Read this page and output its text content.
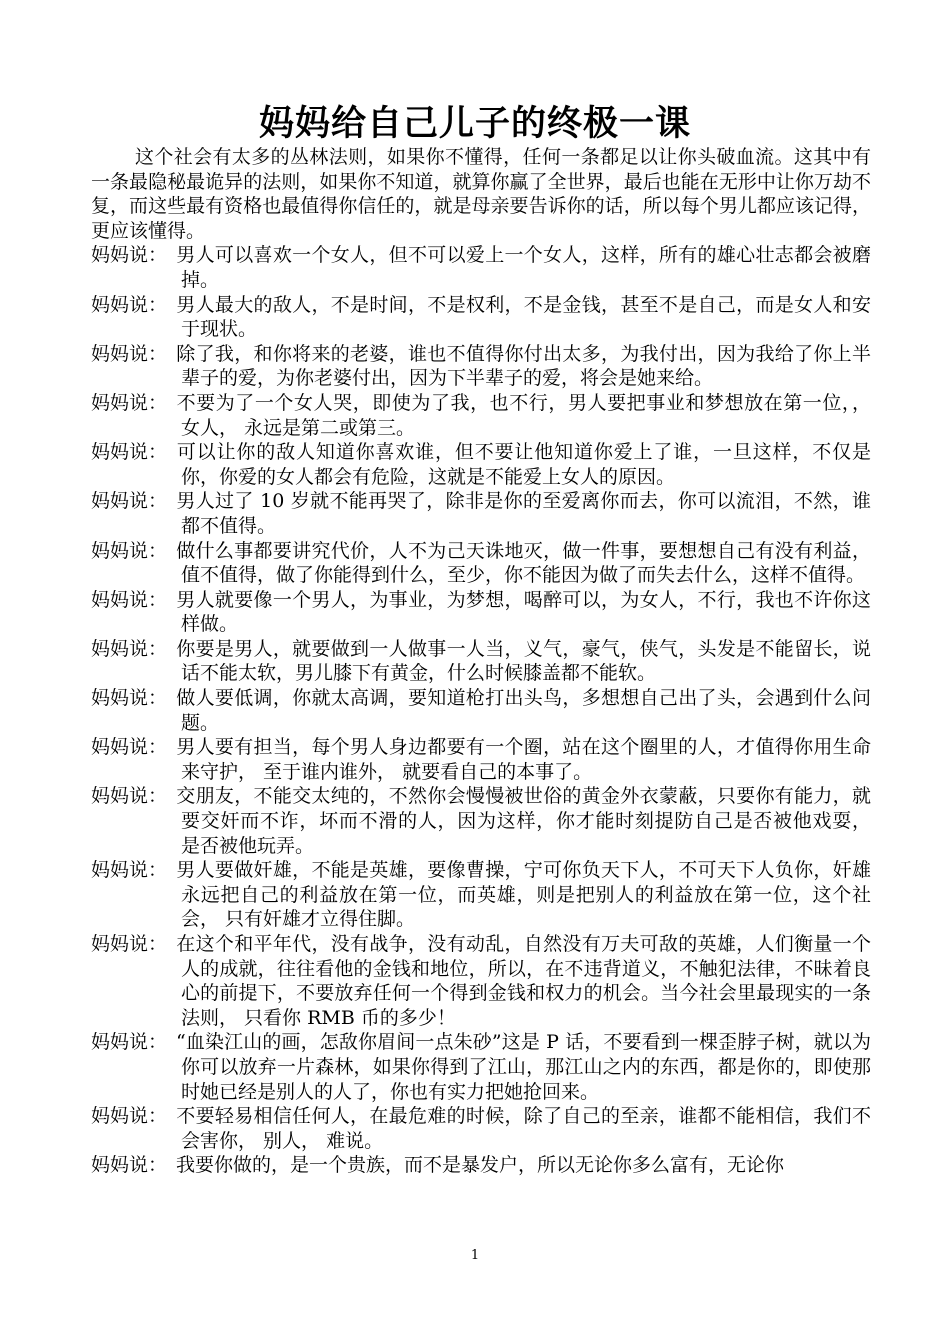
妈妈给自己儿子的终极一课

这个社会有太多的丛林法则，如果你不懂得，任何一条都足以让你头破血流。这其中有一条最隐秘最诡异的法则，如果你不知道，就算你赢了全世界，最后也能在无形中让你万劫不复，而这些最有资格也最值得你信任的，就是母亲要告诉你的话，所以每个男儿都应该记得，更应该懂得。

妈妈说： 男人可以喜欢一个女人，但不可以爱上一个女人，这样，所有的雄心壮志都会被磨掉。

妈妈说： 男人最大的敌人，不是时间，不是权利，不是金钱，甚至不是自己，而是女人和安于现状。

妈妈说： 除了我，和你将来的老婆，谁也不值得你付出太多，为我付出，因为我给了你上半辈子的爱，为你老婆付出，因为下半辈子的爱，将会是她来给。

妈妈说： 不要为了一个女人哭，即使为了我，也不行，男人要把事业和梦想放在第一位，， 女人， 永远是第二或第三。

妈妈说： 可以让你的敌人知道你喜欢谁，但不要让他知道你爱上了谁，一旦这样，不仅是你，你爱的女人都会有危险，这就是不能爱上女人的原因。

妈妈说： 男人过了 10 岁就不能再哭了，除非是你的至爱离你而去，你可以流泪，不然，谁都不值得。

妈妈说： 做什么事都要讲究代价，人不为己天诛地灭，做一件事，要想想自己有没有利益，值不值得，做了你能得到什么，至少，你不能因为做了而失去什么，这样不值得。

妈妈说： 男人就要像一个男人，为事业，为梦想，喝醉可以，为女人，不行，我也不许你这样做。

妈妈说： 你要是男人，就要做到一人做事一人当，义气，豪气，侠气，头发是不能留长，说话不能太软，男儿膝下有黄金，什么时候膝盖都不能软。

妈妈说： 做人要低调，你就太高调，要知道枪打出头鸟，多想想自己出了头，会遇到什么问题。

妈妈说： 男人要有担当，每个男人身边都要有一个圈，站在这个圈里的人，才值得你用生命来守护， 至于谁内谁外， 就要看自己的本事了。

妈妈说： 交朋友，不能交太纯的，不然你会慢慢被世俗的黄金外衣蒙蔽，只要你有能力，就要交奸而不诈，坏而不滑的人，因为这样，你才能时刻提防自己是否被他戏耍， 是否被他玩弄。

妈妈说： 男人要做奸雄，不能是英雄，要像曹操，宁可你负天下人，不可天下人负你，奸雄永远把自己的利益放在第一位，而英雄，则是把别人的利益放在第一位，这个社会， 只有奸雄才立得住脚。

妈妈说： 在这个和平年代，没有战争，没有动乱，自然没有万夫可敌的英雄，人们衡量一个人的成就，往往看他的金钱和地位，所以，在不违背道义，不触犯法律，不昧着良心的前提下，不要放弃任何一个得到金钱和权力的机会。当今社会里最现实的一条法则， 只看你 RMB 币的多少！

妈妈说： “血染江山的画，怎敌你眉间一点朱砂”这是 P 话，不要看到一棵歪脖子树，就以为你可以放弃一片森林，如果你得到了江山，那江山之内的东西，都是你的，即使那时她已经是别人的人了，你也有实力把她抢回来。

妈妈说： 不要轻易相信任何人，在最危难的时候，除了自己的至亲，谁都不能相信，我们不会害你， 别人， 难说。

妈妈说： 我要你做的，是一个贵族，而不是暴发户，所以无论你多么富有，无论你

1
